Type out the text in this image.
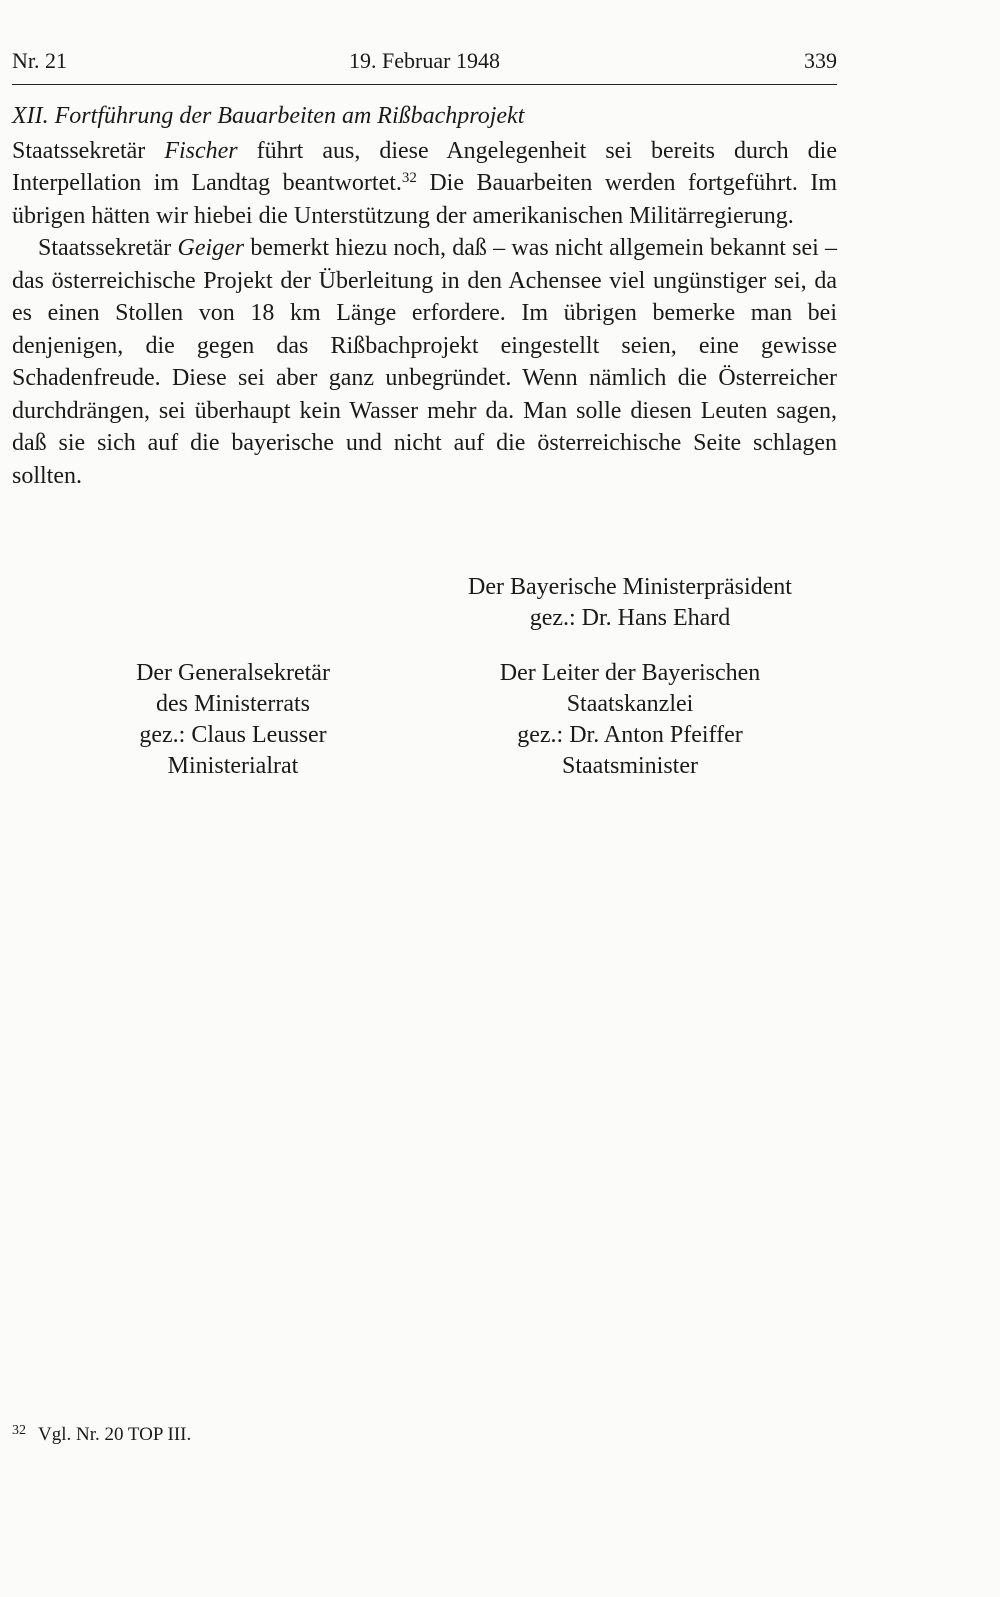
Nr. 21	19. Februar 1948	339
XII. Fortführung der Bauarbeiten am Rißbachprojekt

Staatssekretär Fischer führt aus, diese Angelegenheit sei bereits durch die Interpellation im Landtag beantwortet.$^{32}$ Die Bauarbeiten werden fortgeführt. Im übrigen hätten wir hiebei die Unterstützung der amerikanischen Militärregierung.

Staatssekretär Geiger bemerkt hiezu noch, daß – was nicht allgemein bekannt sei – das österreichische Projekt der Überleitung in den Achensee viel ungünstiger sei, da es einen Stollen von 18 km Länge erfordere. Im übrigen bemerke man bei denjenigen, die gegen das Rißbachprojekt eingestellt seien, eine gewisse Schadenfreude. Diese sei aber ganz unbegründet. Wenn nämlich die Österreicher durchdrängen, sei überhaupt kein Wasser mehr da. Man solle diesen Leuten sagen, daß sie sich auf die bayerische und nicht auf die österreichische Seite schlagen sollten.

Der Bayerische Ministerpräsident
gez.: Dr. Hans Ehard
Der Generalsekretär
des Ministerrats
gez.: Claus Leusser
Ministerialrat
Der Leiter der Bayerischen
Staatskanzlei
gez.: Dr. Anton Pfeiffer
Staatsminister
$^{32}$ Vgl. Nr. 20 TOP III.
